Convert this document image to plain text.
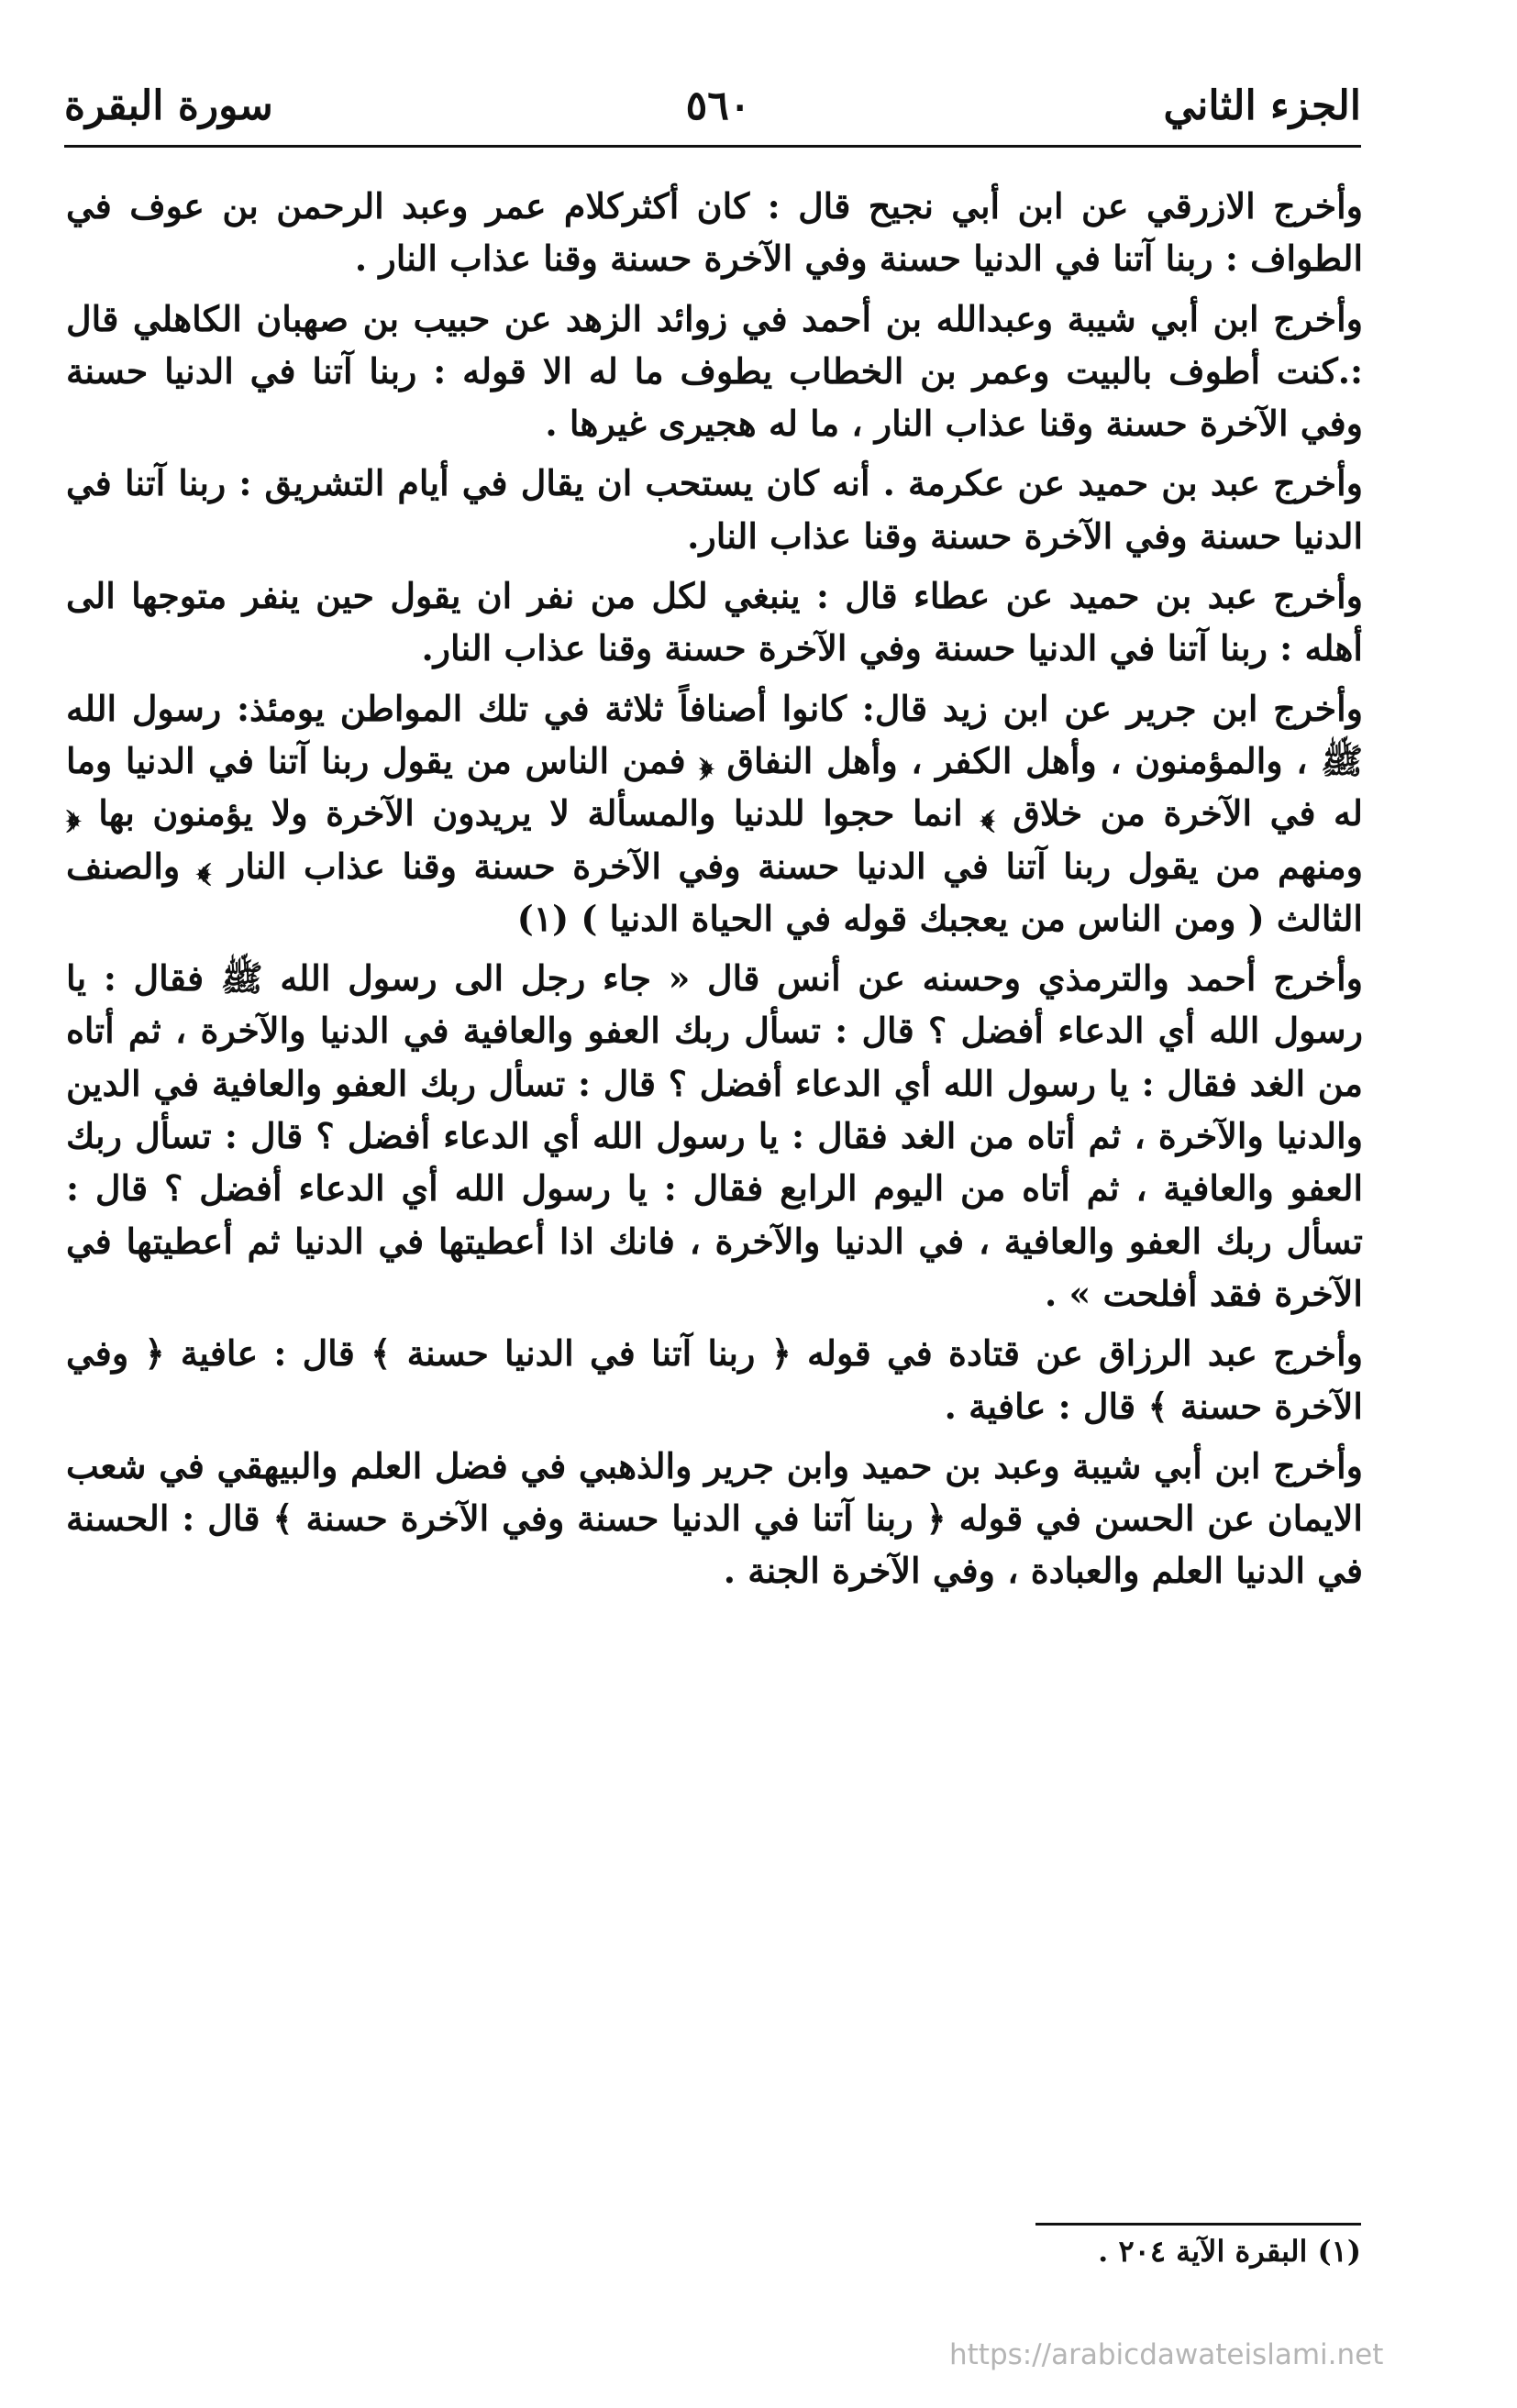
الجزء الثاني
٥٦٠
سورة البقرة

وأخرج الازرقي عن ابن أبي نجيح قال : كان أكثركلام عمر وعبد الرحمن بن عوف في الطواف : ربنا آتنا في الدنيا حسنة وفي الآخرة حسنة وقنا عذاب النار .

وأخرج ابن أبي شيبة وعبدالله بن أحمد في زوائد الزهد عن حبيب بن صهبان الكاهلي قال :.كنت أطوف بالبيت وعمر بن الخطاب يطوف ما له الا قوله : ربنا آتنا في الدنيا حسنة وفي الآخرة حسنة وقنا عذاب النار ، ما له هجيرى غيرها .

وأخرج عبد بن حميد عن عكرمة . أنه كان يستحب ان يقال في أيام التشريق : ربنا آتنا في الدنيا حسنة وفي الآخرة حسنة وقنا عذاب النار.

وأخرج عبد بن حميد عن عطاء قال : ينبغي لكل من نفر ان يقول حين ينفر متوجها الى أهله : ربنا آتنا في الدنيا حسنة وفي الآخرة حسنة وقنا عذاب النار.

وأخرج ابن جرير عن ابن زيد قال: كانوا أصنافاً ثلاثة في تلك المواطن يومئذ: رسول الله ﷺ ، والمؤمنون ، وأهل الكفر ، وأهل النفاق ﴿ فمن الناس من يقول ربنا آتنا في الدنيا وما له في الآخرة من خلاق ﴾ انما حجوا للدنيا والمسألة لا يريدون الآخرة ولا يؤمنون بها ﴿ ومنهم من يقول ربنا آتنا في الدنيا حسنة وفي الآخرة حسنة وقنا عذاب النار ﴾ والصنف الثالث ( ومن الناس من يعجبك قوله في الحياة الدنيا ) (١)

وأخرج أحمد والترمذي وحسنه عن أنس قال « جاء رجل الى رسول الله ﷺ فقال : يا رسول الله أي الدعاء أفضل ؟ قال : تسأل ربك العفو والعافية في الدنيا والآخرة ، ثم أتاه من الغد فقال : يا رسول الله أي الدعاء أفضل ؟ قال : تسأل ربك العفو والعافية في الدين والدنيا والآخرة ، ثم أتاه من الغد فقال : يا رسول الله أي الدعاء أفضل ؟ قال : تسأل ربك العفو والعافية ، ثم أتاه من اليوم الرابع فقال : يا رسول الله أي الدعاء أفضل ؟ قال : تسأل ربك العفو والعافية ، في الدنيا والآخرة ، فانك اذا أعطيتها في الدنيا ثم أعطيتها في الآخرة فقد أفلحت » .

وأخرج عبد الرزاق عن قتادة في قوله ﴿ ربنا آتنا في الدنيا حسنة ﴾ قال : عافية ﴿ وفي الآخرة حسنة ﴾ قال : عافية .

وأخرج ابن أبي شيبة وعبد بن حميد وابن جرير والذهبي في فضل العلم والبيهقي في شعب الايمان عن الحسن في قوله ﴿ ربنا آتنا في الدنيا حسنة وفي الآخرة حسنة ﴾ قال : الحسنة في الدنيا العلم والعبادة ، وفي الآخرة الجنة .

(١) البقرة الآية ٢٠٤ .
https://arabicdawateislami.net
